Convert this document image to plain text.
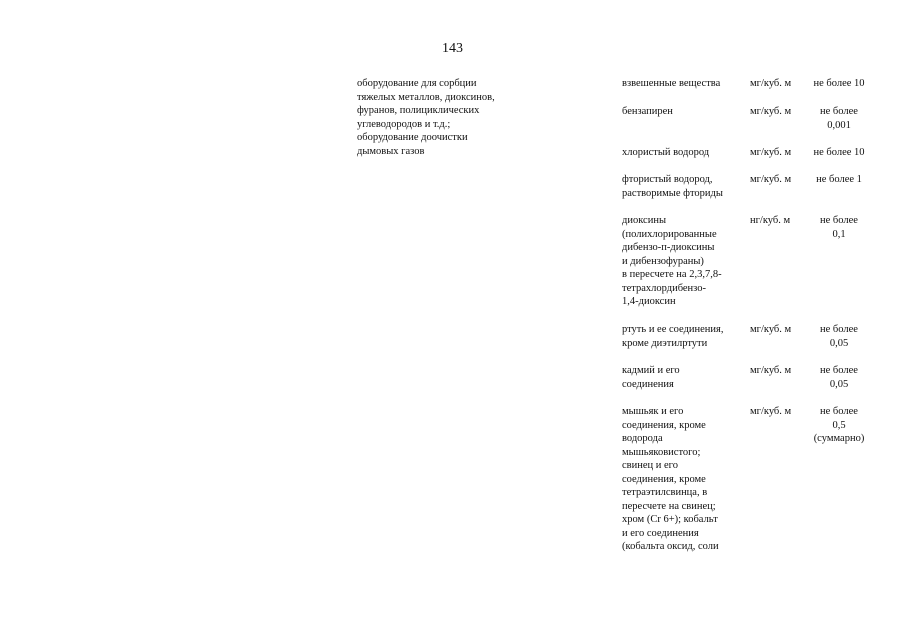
143
оборудование для сорбции
тяжелых металлов, диоксинов,
фуранов, полициклических
углеводородов и т.д.;
оборудование доочистки
дымовых газов
взвешенные вещества	мг/куб. м	не более 10
бензапирен	мг/куб. м	не более
0,001
хлористый водород	мг/куб. м	не более 10
фтористый водород,
растворимые фториды
мг/куб. м	не более 1
диоксины
(полихлорированные
дибензо-п-диоксины
и дибензофураны)
в пересчете на 2,3,7,8-
тетрахлордибензо-
1,4-диоксин
нг/куб. м	не более
0,1
ртуть и ее соединения,
кроме диэтилртути
мг/куб. м	не более
0,05
кадмий и его
соединения
мг/куб. м	не более
0,05
мышьяк и его
соединения, кроме
водорода
мышьяковистого;
свинец и его
соединения, кроме
тетраэтилсвинца, в
пересчете на свинец;
хром (Cr 6+); кобальт
и его соединения
(кобальта оксид, соли
мг/куб. м	не более
0,5
(суммарно)
